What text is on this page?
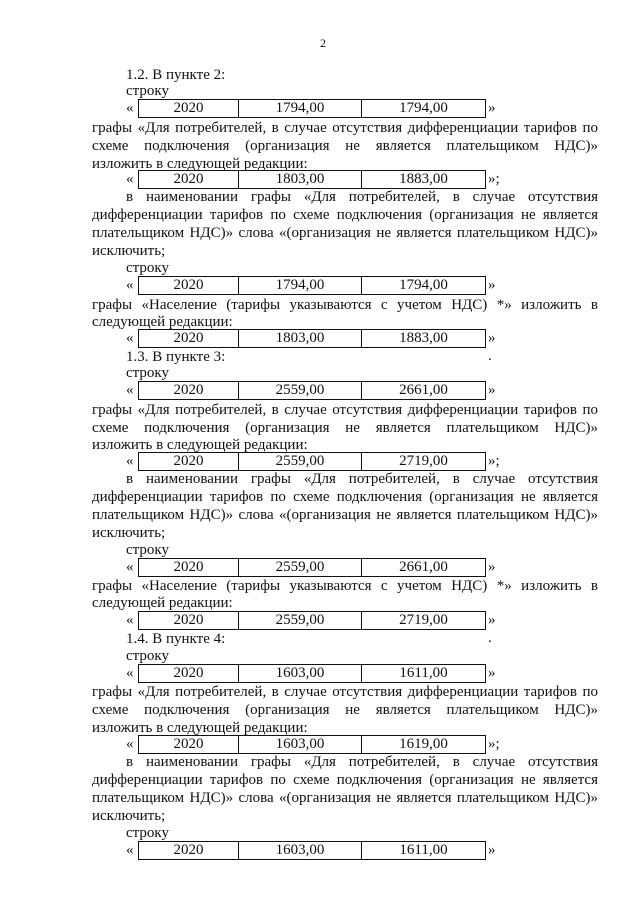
2
1.2. В пункте 2:
строку
«	2020	1794,00	1794,00	»
графы «Для потребителей, в случае отсутствия дифференциации тарифов по
схеме подключения (организация не является плательщиком НДС)»
изложить в следующей редакции:
«	2020	1803,00	1883,00	»;
в наименовании графы «Для потребителей, в случае отсутствия
дифференциации тарифов по схеме подключения (организация не является
плательщиком НДС)» слова «(организация не является плательщиком НДС)»
исключить;
строку
«	2020	1794,00	1794,00	»
графы «Население (тарифы указываются с учетом НДС) *» изложить в
следующей редакции:
«	2020	1803,00	1883,00	» .
1.3. В пункте 3:
строку
«	2020	2559,00	2661,00	»
графы «Для потребителей, в случае отсутствия дифференциации тарифов по
схеме подключения (организация не является плательщиком НДС)»
изложить в следующей редакции:
«	2020	2559,00	2719,00	»;
в наименовании графы «Для потребителей, в случае отсутствия
дифференциации тарифов по схеме подключения (организация не является
плательщиком НДС)» слова «(организация не является плательщиком НДС)»
исключить;
строку
«	2020	2559,00	2661,00	»
графы «Население (тарифы указываются с учетом НДС) *» изложить в
следующей редакции:
«	2020	2559,00	2719,00	» .
1.4. В пункте 4:
строку
«	2020	1603,00	1611,00	»
графы «Для потребителей, в случае отсутствия дифференциации тарифов по
схеме подключения (организация не является плательщиком НДС)»
изложить в следующей редакции:
«	2020	1603,00	1619,00	»;
в наименовании графы «Для потребителей, в случае отсутствия
дифференциации тарифов по схеме подключения (организация не является
плательщиком НДС)» слова «(организация не является плательщиком НДС)»
исключить;
строку
«	2020	1603,00	1611,00	»
